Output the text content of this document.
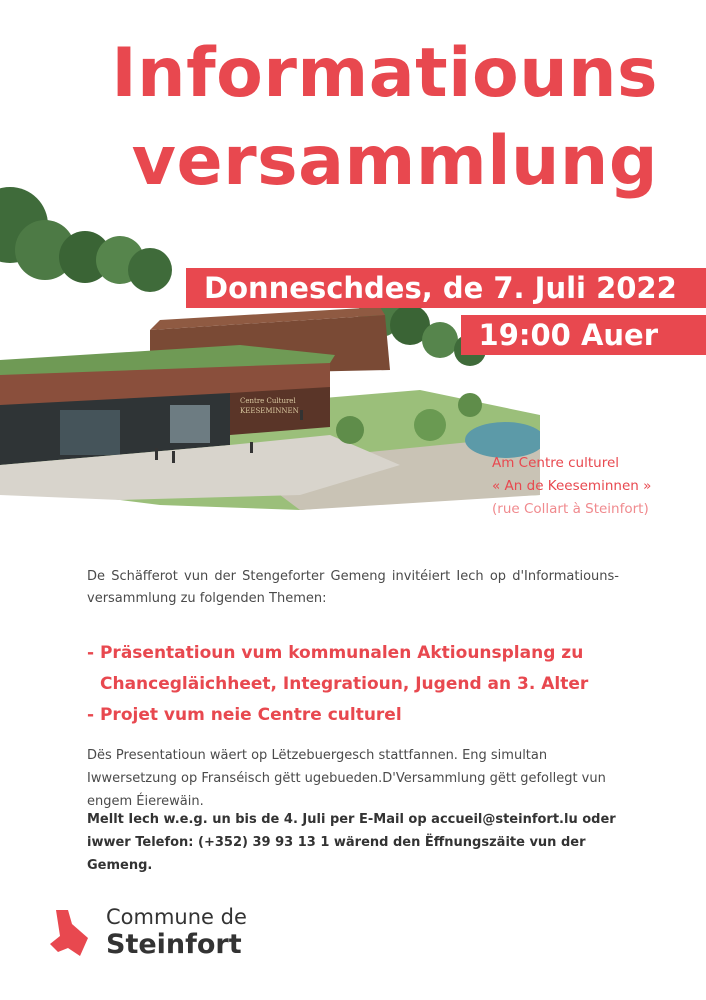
Informatiouns
versammlung
Centre Culturel
KEESEMINNEN
Donneschdes, de 7. Juli 2022
19:00 Auer
Am Centre culturel
« An de Keeseminnen »
(rue Collart à Steinfort)

De Schäfferot vun der Stengeforter Gemeng invitéiert Iech op d'Informatiouns-versammlung zu folgenden Themen:

- Präsentatioun vum kommunalen Aktiounsplang zu
Chancegläichheet, Integratioun, Jugend an 3. Alter
- Projet vum neie Centre culturel

Dës Presentatioun wäert op Lëtzebuergesch stattfannen. Eng simultan Iwwersetzung op Franséisch gëtt ugebueden.D'Versammlung gëtt gefollegt vun engem Éierewäin.

Mellt Iech w.e.g. un bis de 4. Juli per E-Mail op accueil@steinfort.lu oder iwwer Telefon: (+352) 39 93 13 1 wärend den Ëffnungszäite vun der Gemeng.

Commune de
Steinfort
